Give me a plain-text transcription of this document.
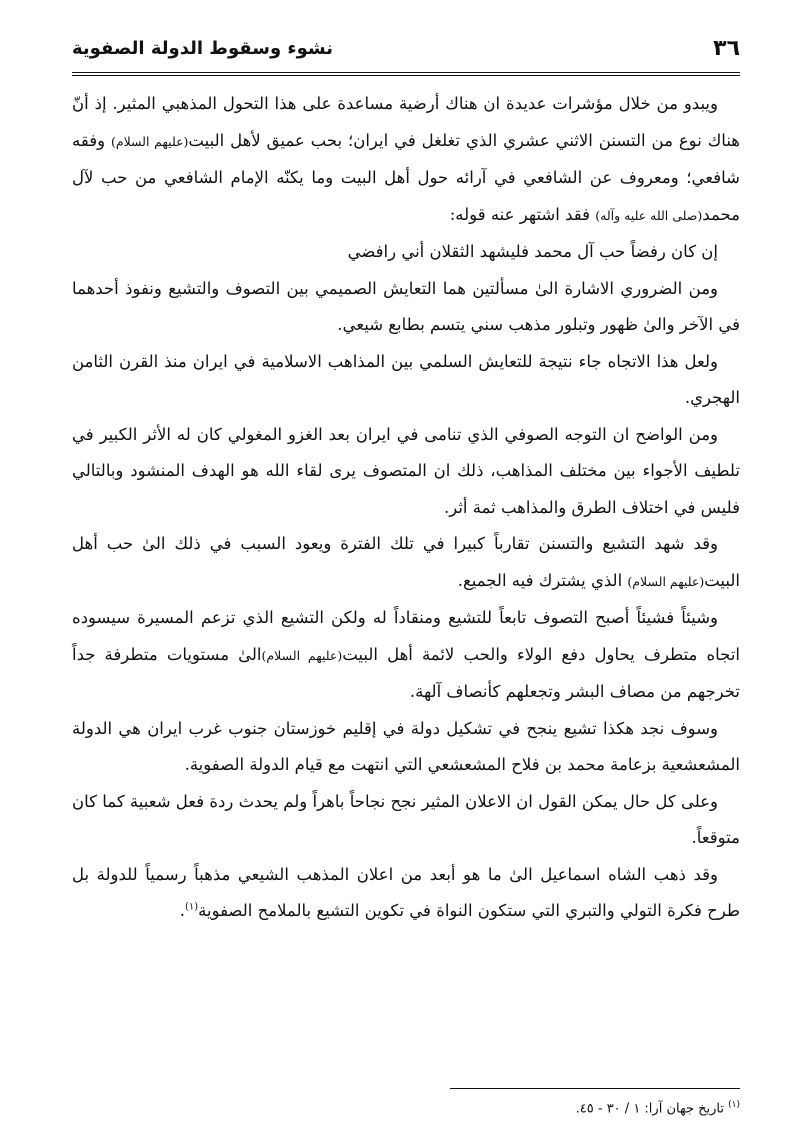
٣٦
نشوء وسقوط الدولة الصفوية

ويبدو من خلال مؤشرات عديدة ان هناك أرضية مساعدة على هذا التحول المذهبي المثير. إذ أنّ هناك نوع من التسنن الاثني عشري الذي تغلغل في ايران؛ بحب عميق لأهل البيت(عليهم السلام) وفقه شافعي؛ ومعروف عن الشافعي في آرائه حول أهل البيت وما يكنّه الإمام الشافعي من حب لآل محمد(صلى الله عليه وآله) فقد اشتهر عنه قوله:

إن كان رفضاً حب آل محمد فليشهد الثقلان أني رافضي

ومن الضروري الاشارة الىٰ مسألتين هما التعايش الصميمي بين التصوف والتشيع ونفوذ أحدهما في الآخر والىٰ ظهور وتبلور مذهب سني يتسم بطابع شيعي.

ولعل هذا الاتجاه جاء نتيجة للتعايش السلمي بين المذاهب الاسلامية في ايران منذ القرن الثامن الهجري.

ومن الواضح ان التوجه الصوفي الذي تنامى في ايران بعد الغزو المغولي كان له الأثر الكبير في تلطيف الأجواء بين مختلف المذاهب، ذلك ان المتصوف يرى لقاء الله هو الهدف المنشود وبالتالي فليس في اختلاف الطرق والمذاهب ثمة أثر.

وقد شهد التشيع والتسنن تقارباً كبيرا في تلك الفترة ويعود السبب في ذلك الىٰ حب أهل البيت(عليهم السلام) الذي يشترك فيه الجميع.

وشيئاً فشيئاً أصبح التصوف تابعاً للتشيع ومنقاداً له ولكن التشيع الذي تزعم المسيرة سيسوده اتجاه متطرف يحاول دفع الولاء والحب لائمة أهل البيت(عليهم السلام)الىٰ مستويات متطرفة جداً تخرجهم من مصاف البشر وتجعلهم كأنصاف آلهة.

وسوف نجد هكذا تشيع ينجح في تشكيل دولة في إقليم خوزستان جنوب غرب ايران هي الدولة المشعشعية بزعامة محمد بن فلاح المشعشعي التي انتهت مع قيام الدولة الصفوية.

وعلى كل حال يمكن القول ان الاعلان المثير نجح نجاحاً باهراً ولم يحدث ردة فعل شعبية كما كان متوقعاً.

وقد ذهب الشاه اسماعيل الىٰ ما هو أبعد من اعلان المذهب الشيعي مذهباً رسمياً للدولة بل طرح فكرة التولي والتبري التي ستكون النواة في تكوين التشيع بالملامح الصفوية$^{(١)}$.

$^{(١)}$ تاريخ جهان آرا: ١ / ٣٠ - ٤٥.
